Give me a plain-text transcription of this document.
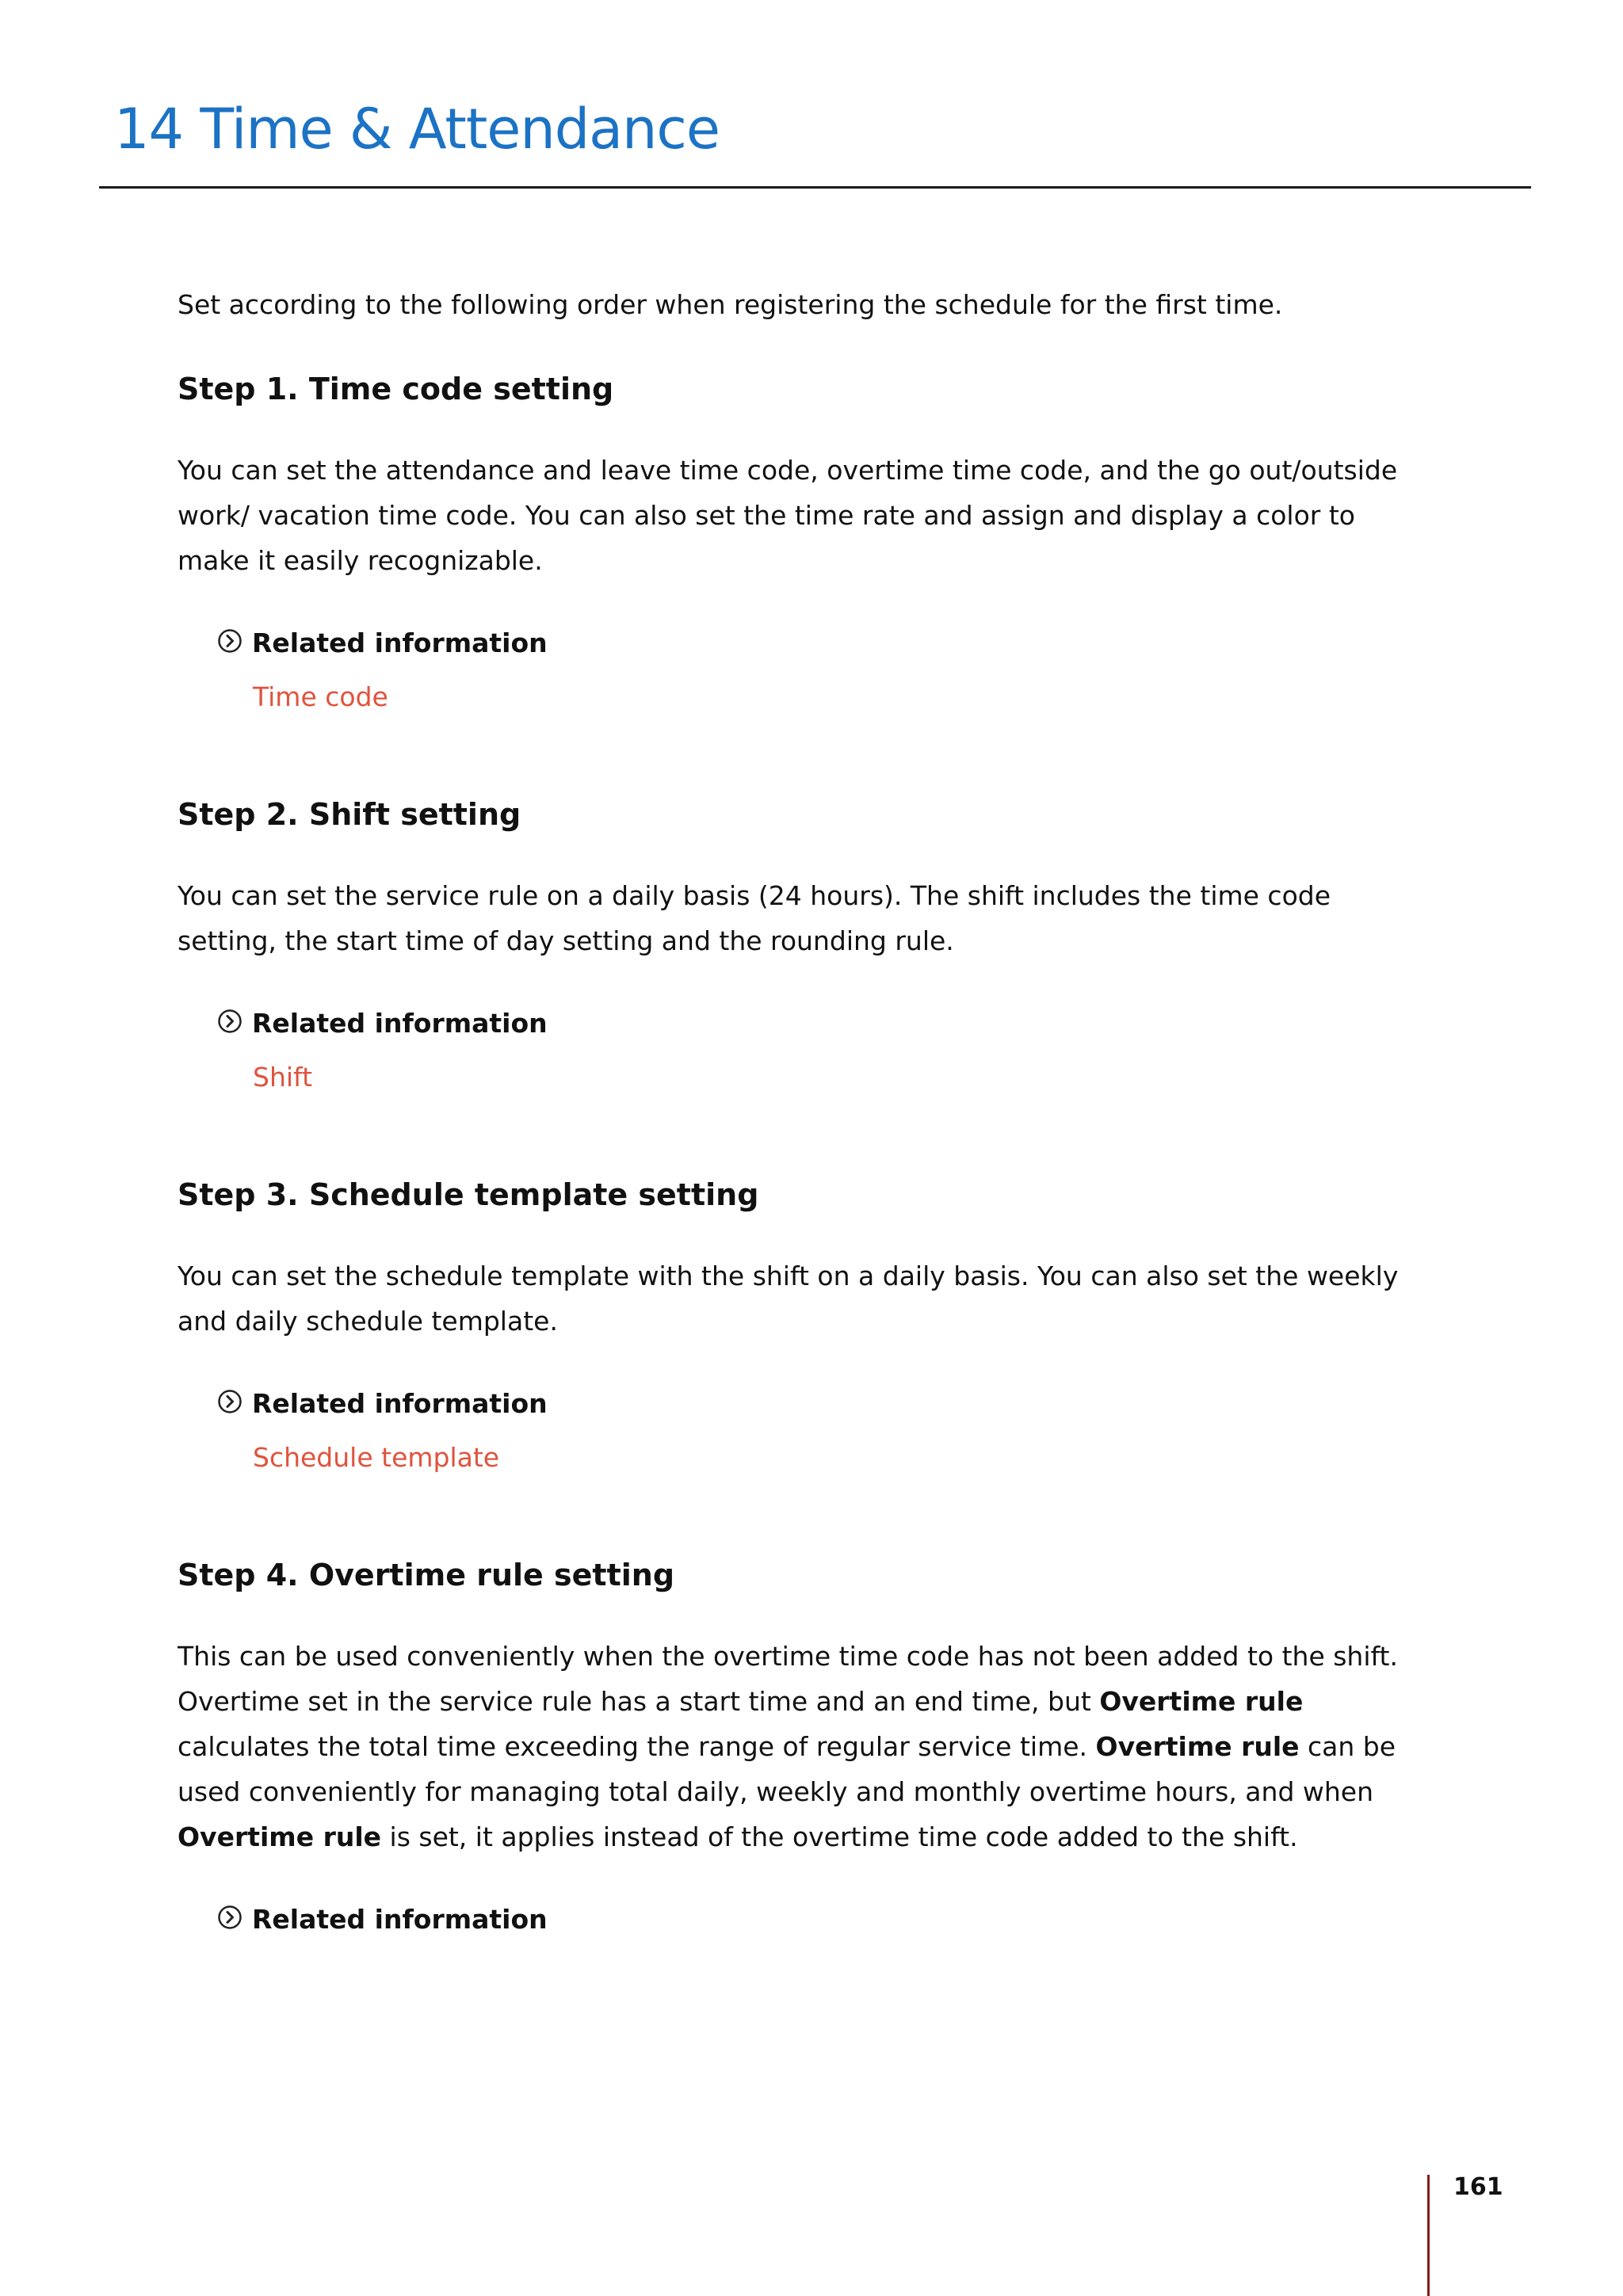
14 Time & Attendance

Set according to the following order when registering the schedule for the first time.

Step 1. Time code setting

You can set the attendance and leave time code, overtime time code, and the go out/outside work/ vacation time code. You can also set the time rate and assign and display a color to make it easily recognizable.

Related information
Time code
Step 2. Shift setting

You can set the service rule on a daily basis (24 hours). The shift includes the time code setting, the start time of day setting and the rounding rule.

Related information
Shift
Step 3. Schedule template setting

You can set the schedule template with the shift on a daily basis. You can also set the weekly and daily schedule template.

Related information
Schedule template
Step 4. Overtime rule setting

This can be used conveniently when the overtime time code has not been added to the shift. Overtime set in the service rule has a start time and an end time, but Overtime rule calculates the total time exceeding the range of regular service time. Overtime rule can be used conveniently for managing total daily, weekly and monthly overtime hours, and when Overtime rule is set, it applies instead of the overtime time code added to the shift.

Related information
161
